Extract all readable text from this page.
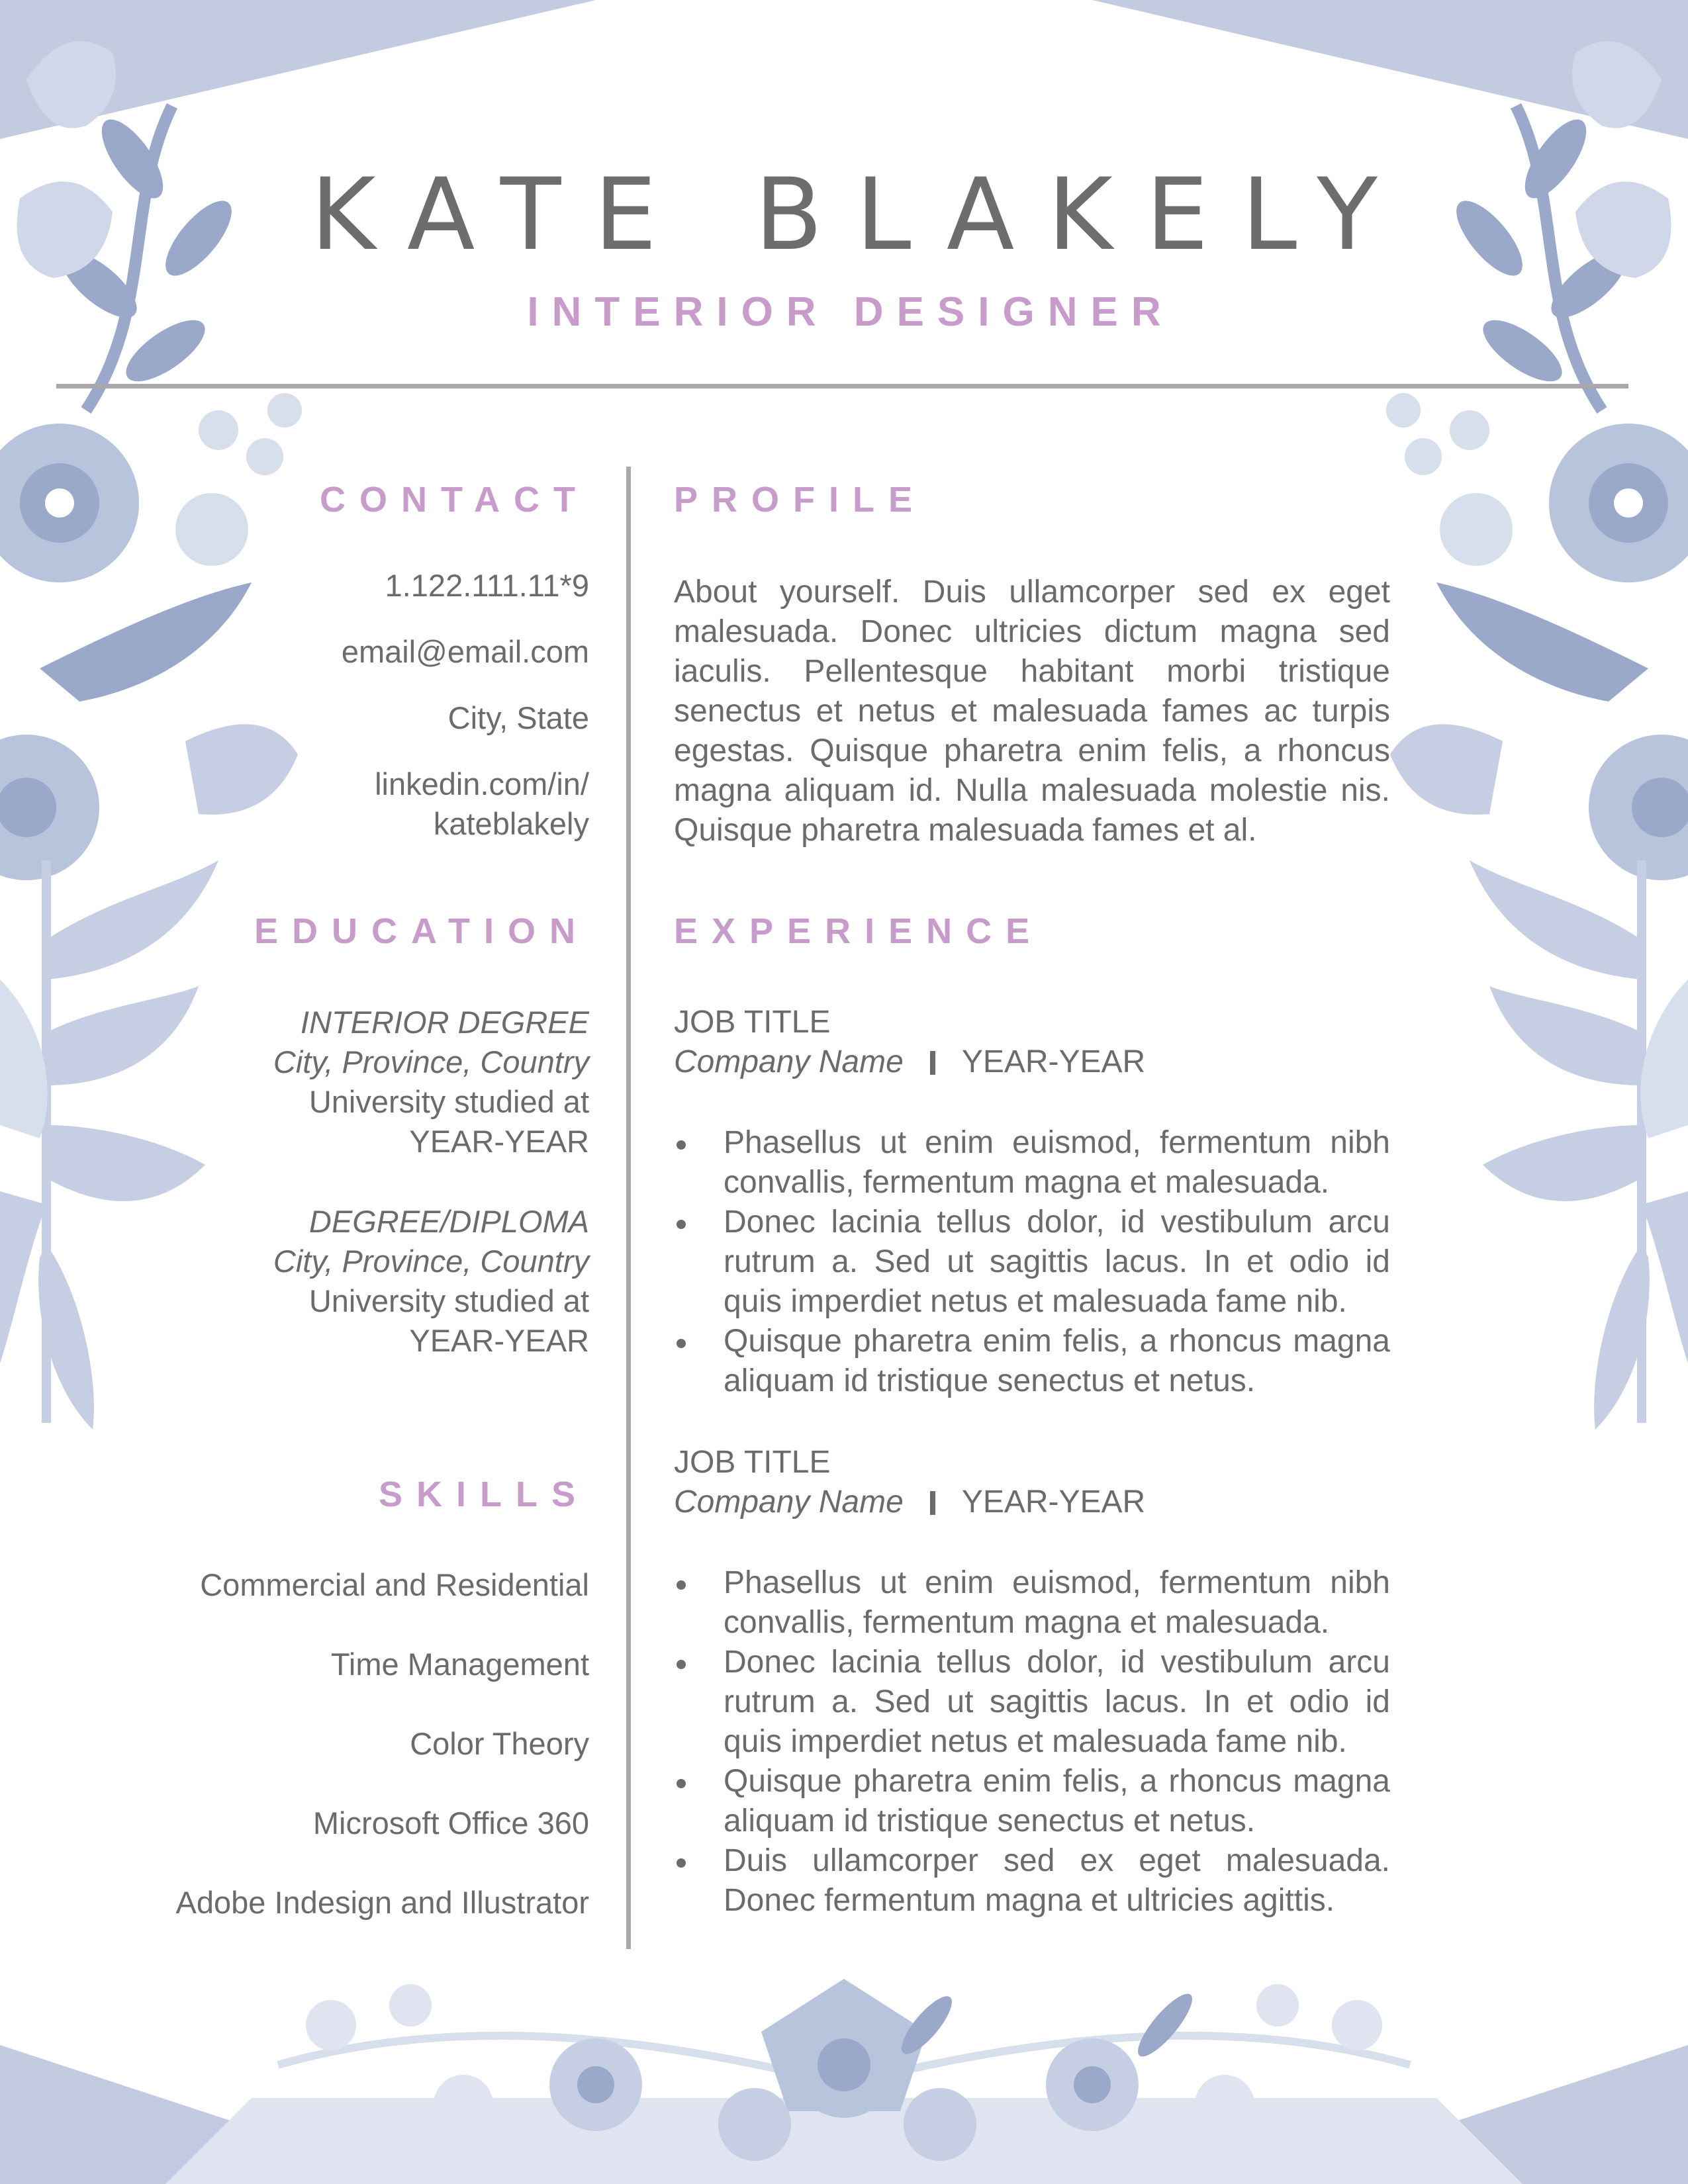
KATE BLAKELY
INTERIOR DESIGNER
CONTACT
1.122.111.11*9
email@email.com
City, State
linkedin.com/in/
kateblakely
EDUCATION
INTERIOR DEGREE
City, Province, Country
University studied at
YEAR-YEAR
DEGREE/DIPLOMA
City, Province, Country
University studied at
YEAR-YEAR
SKILLS
Commercial and Residential
Time Management
Color Theory
Microsoft Office 360
Adobe Indesign and Illustrator
PROFILE
About yourself. Duis ullamcorper sed ex eget malesuada. Donec ultricies dictum magna sed iaculis. Pellentesque habitant morbi tristique senectus et netus et malesuada fames ac turpis egestas. Quisque pharetra enim felis, a rhoncus magna aliquam id. Nulla malesuada molestie nis. Quisque pharetra malesuada fames et al.
EXPERIENCE
JOB TITLE
Company Name YEAR-YEAR
Phasellus ut enim euismod, fermentum nibh convallis, fermentum magna et malesuada.
Donec lacinia tellus dolor, id vestibulum arcu rutrum a. Sed ut sagittis lacus. In et odio id quis imperdiet netus et malesuada fame nib.
Quisque pharetra enim felis, a rhoncus magna aliquam id tristique senectus et netus.
JOB TITLE
Company Name YEAR-YEAR
Phasellus ut enim euismod, fermentum nibh convallis, fermentum magna et malesuada.
Donec lacinia tellus dolor, id vestibulum arcu rutrum a. Sed ut sagittis lacus. In et odio id quis imperdiet netus et malesuada fame nib.
Quisque pharetra enim felis, a rhoncus magna aliquam id tristique senectus et netus.
Duis ullamcorper sed ex eget malesuada. Donec fermentum magna et ultricies agittis.
